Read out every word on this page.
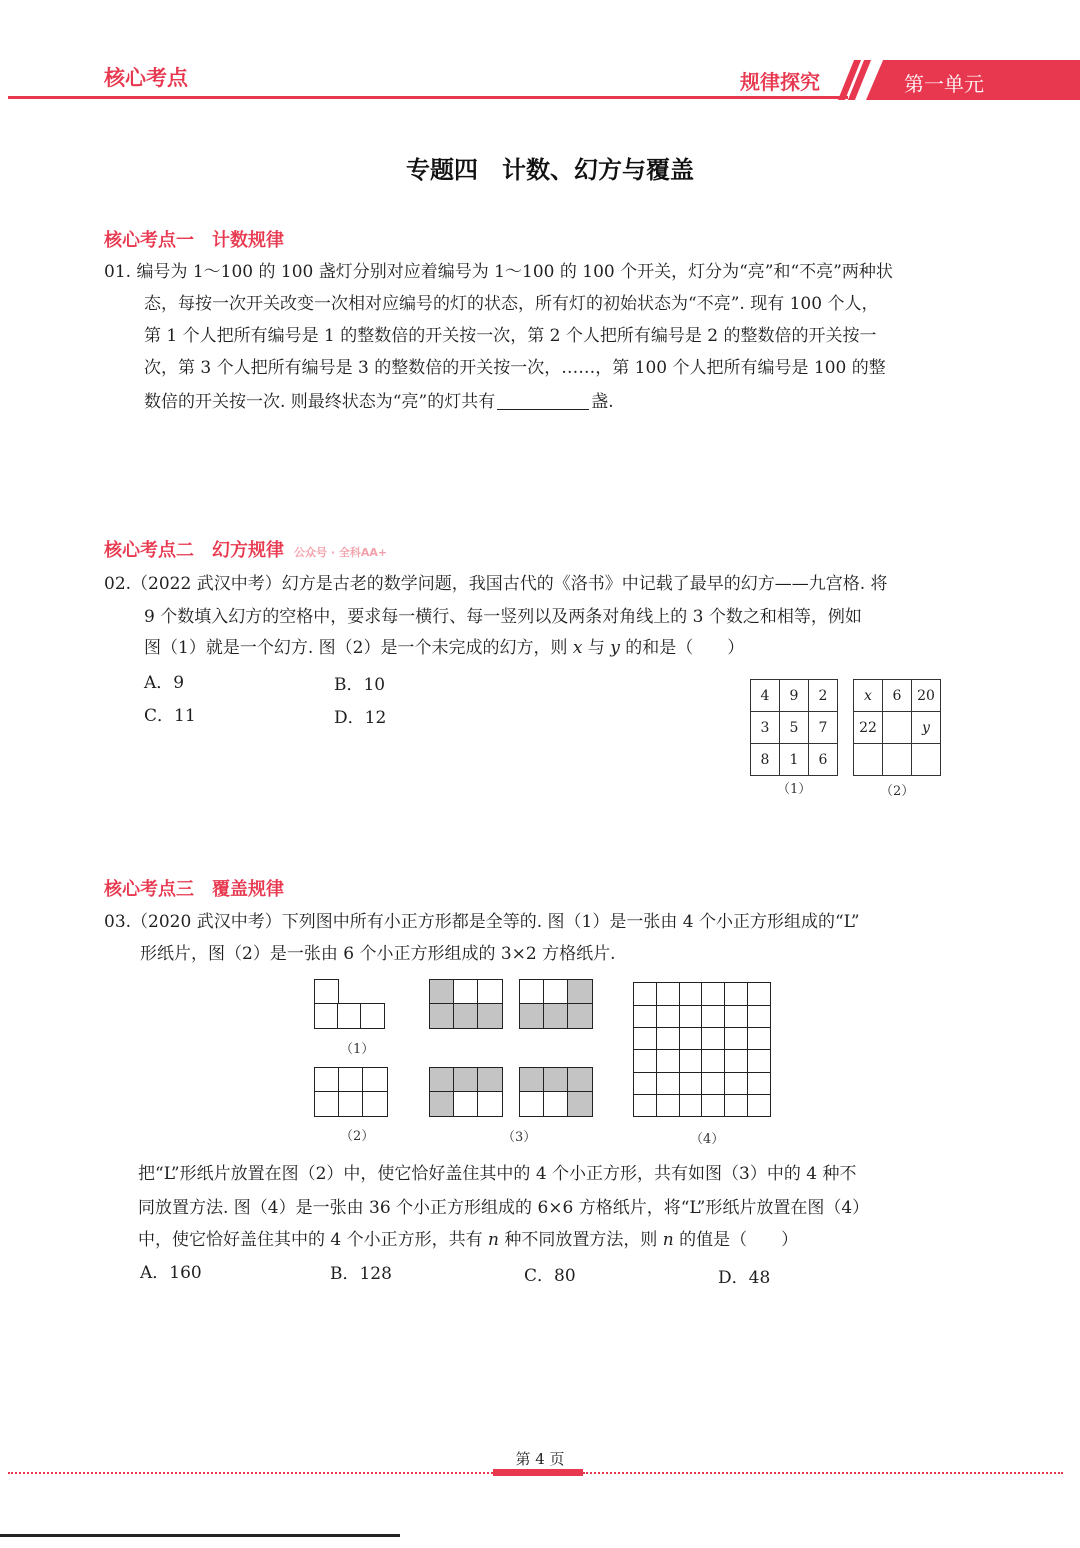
核心考点	规律探究	第一单元
专题四　计数、幻方与覆盖
核心考点一　计数规律
01. 编号为 1～100 的 100 盏灯分别对应着编号为 1～100 的 100 个开关，灯分为“亮”和“不亮”两种状
态，每按一次开关改变一次相对应编号的灯的状态，所有灯的初始状态为“不亮”. 现有 100 个人，
第 1 个人把所有编号是 1 的整数倍的开关按一次，第 2 个人把所有编号是 2 的整数倍的开关按一
次，第 3 个人把所有编号是 3 的整数倍的开关按一次，……，第 100 个人把所有编号是 100 的整
数倍的开关按一次. 则最终状态为“亮”的灯共有	盏.
核心考点二　幻方规律 公众号 · 全科AA+
02.（2022 武汉中考）幻方是古老的数学问题，我国古代的《洛书》中记载了最早的幻方——九宫格. 将
9 个数填入幻方的空格中，要求每一横行、每一竖列以及两条对角线上的 3 个数之和相等，例如
图（1）就是一个幻方. 图（2）是一个未完成的幻方，则 x 与 y 的和是（　　）
A．9	B．10
C．11	D．12
4	9	2
3	5	7
8	1	6
x	6	20
22		y

（1）	（2）
核心考点三　覆盖规律
03.（2020 武汉中考）下列图中所有小正方形都是全等的. 图（1）是一张由 4 个小正方形组成的“L”
形纸片，图（2）是一张由 6 个小正方形组成的 3×2 方格纸片.
（1）
（2）	（3）	（4）
把“L”形纸片放置在图（2）中，使它恰好盖住其中的 4 个小正方形，共有如图（3）中的 4 种不
同放置方法. 图（4）是一张由 36 个小正方形组成的 6×6 方格纸片，将“L”形纸片放置在图（4）
中，使它恰好盖住其中的 4 个小正方形，共有 n 种不同放置方法，则 n 的值是（　　）
A．160	B．128	C．80	D．48
第 4 页
